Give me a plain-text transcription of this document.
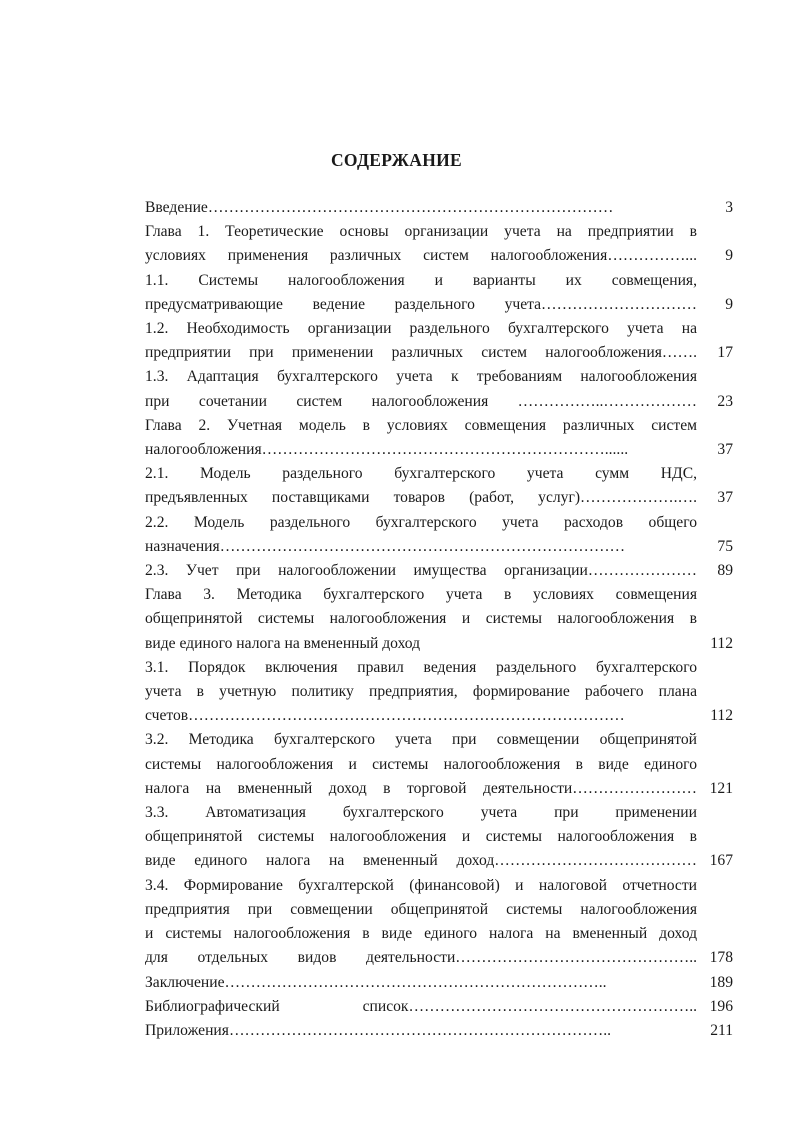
СОДЕРЖАНИЕ
Введение……………………………………………………………………	3
Глава 1. Теоретические основы организации учета на предприятии в
условиях применения различных систем налогообложения……………...	9
1.1. Системы налогообложения и варианты их совмещения,
предусматривающие ведение раздельного учета…………………………	9
1.2. Необходимость организации раздельного бухгалтерского учета на
предприятии при применении различных систем налогообложения…….	17
1.3. Адаптация бухгалтерского учета к требованиям налогообложения
при сочетании систем налогообложения ……………..………………	23
Глава 2. Учетная модель в условиях совмещения различных систем
налогообложения…………………………………………………………......	37
2.1. Модель раздельного бухгалтерского учета сумм НДС,
предъявленных поставщиками товаров (работ, услуг)……………….….	37
2.2. Модель раздельного бухгалтерского учета расходов общего
назначения……………………………………………………………………	75
2.3. Учет при налогообложении имущества организации…………………	89
Глава 3. Методика бухгалтерского учета в условиях совмещения
общепринятой системы налогообложения и системы налогообложения в
виде единого налога на вмененный доход	112
3.1. Порядок включения правил ведения раздельного бухгалтерского
учета в учетную политику предприятия, формирование рабочего плана
счетов…………………………………………………………………………	112
3.2. Методика бухгалтерского учета при совмещении общепринятой
системы налогообложения и системы налогообложения в виде единого
налога на вмененный доход в торговой деятельности…………………… 121
3.3. Автоматизация бухгалтерского учета при применении
общепринятой системы налогообложения и системы налогообложения в
виде единого налога на вмененный доход………………………………… 167
3.4. Формирование бухгалтерской (финансовой) и налоговой отчетности
предприятия при совмещении общепринятой системы налогообложения
и системы налогообложения в виде единого налога на вмененный доход
для отдельных видов деятельности……………………………………….. 178
Заключение………………………………………………………………..	189
Библиографический список……………………………………………….. 196
Приложения………………………………………………………………..	211
